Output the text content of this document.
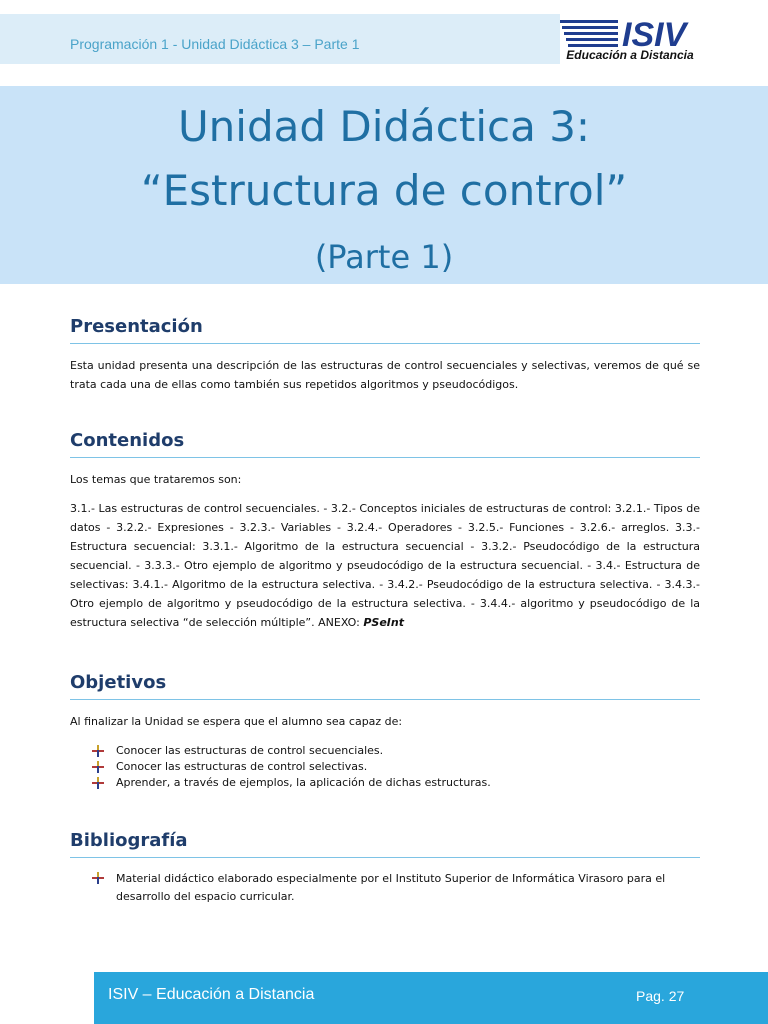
Programación 1 - Unidad Didáctica 3 – Parte 1	ISIV
Educación a Distancia
Unidad Didáctica 3:
“Estructura de control”
(Parte 1)
Presentación

Esta unidad presenta una descripción de las estructuras de control secuenciales y selectivas, veremos de qué se trata cada una de ellas como también sus repetidos algoritmos y pseudocódigos.

Contenidos

Los temas que trataremos son:

3.1.- Las estructuras de control secuenciales. - 3.2.- Conceptos iniciales de estructuras de control: 3.2.1.- Tipos de datos - 3.2.2.- Expresiones - 3.2.3.- Variables - 3.2.4.- Operadores - 3.2.5.- Funciones - 3.2.6.- arreglos. 3.3.- Estructura secuencial: 3.3.1.- Algoritmo de la estructura secuencial - 3.3.2.- Pseudocódigo de la estructura secuencial. - 3.3.3.- Otro ejemplo de algoritmo y pseudocódigo de la estructura secuencial. - 3.4.- Estructura de selectivas: 3.4.1.- Algoritmo de la estructura selectiva. - 3.4.2.- Pseudocódigo de la estructura selectiva. - 3.4.3.- Otro ejemplo de algoritmo y pseudocódigo de la estructura selectiva. - 3.4.4.- algoritmo y pseudocódigo de la estructura selectiva “de selección múltiple”. ANEXO: PSeInt

Objetivos

Al finalizar la Unidad se espera que el alumno sea capaz de:

Conocer las estructuras de control secuenciales.
Conocer las estructuras de control selectivas.
Aprender, a través de ejemplos, la aplicación de dichas estructuras.
Bibliografía
Material didáctico elaborado especialmente por el Instituto Superior de Informática Virasoro para el desarrollo del espacio curricular.
ISIV – Educación a Distancia	Pag. 27
